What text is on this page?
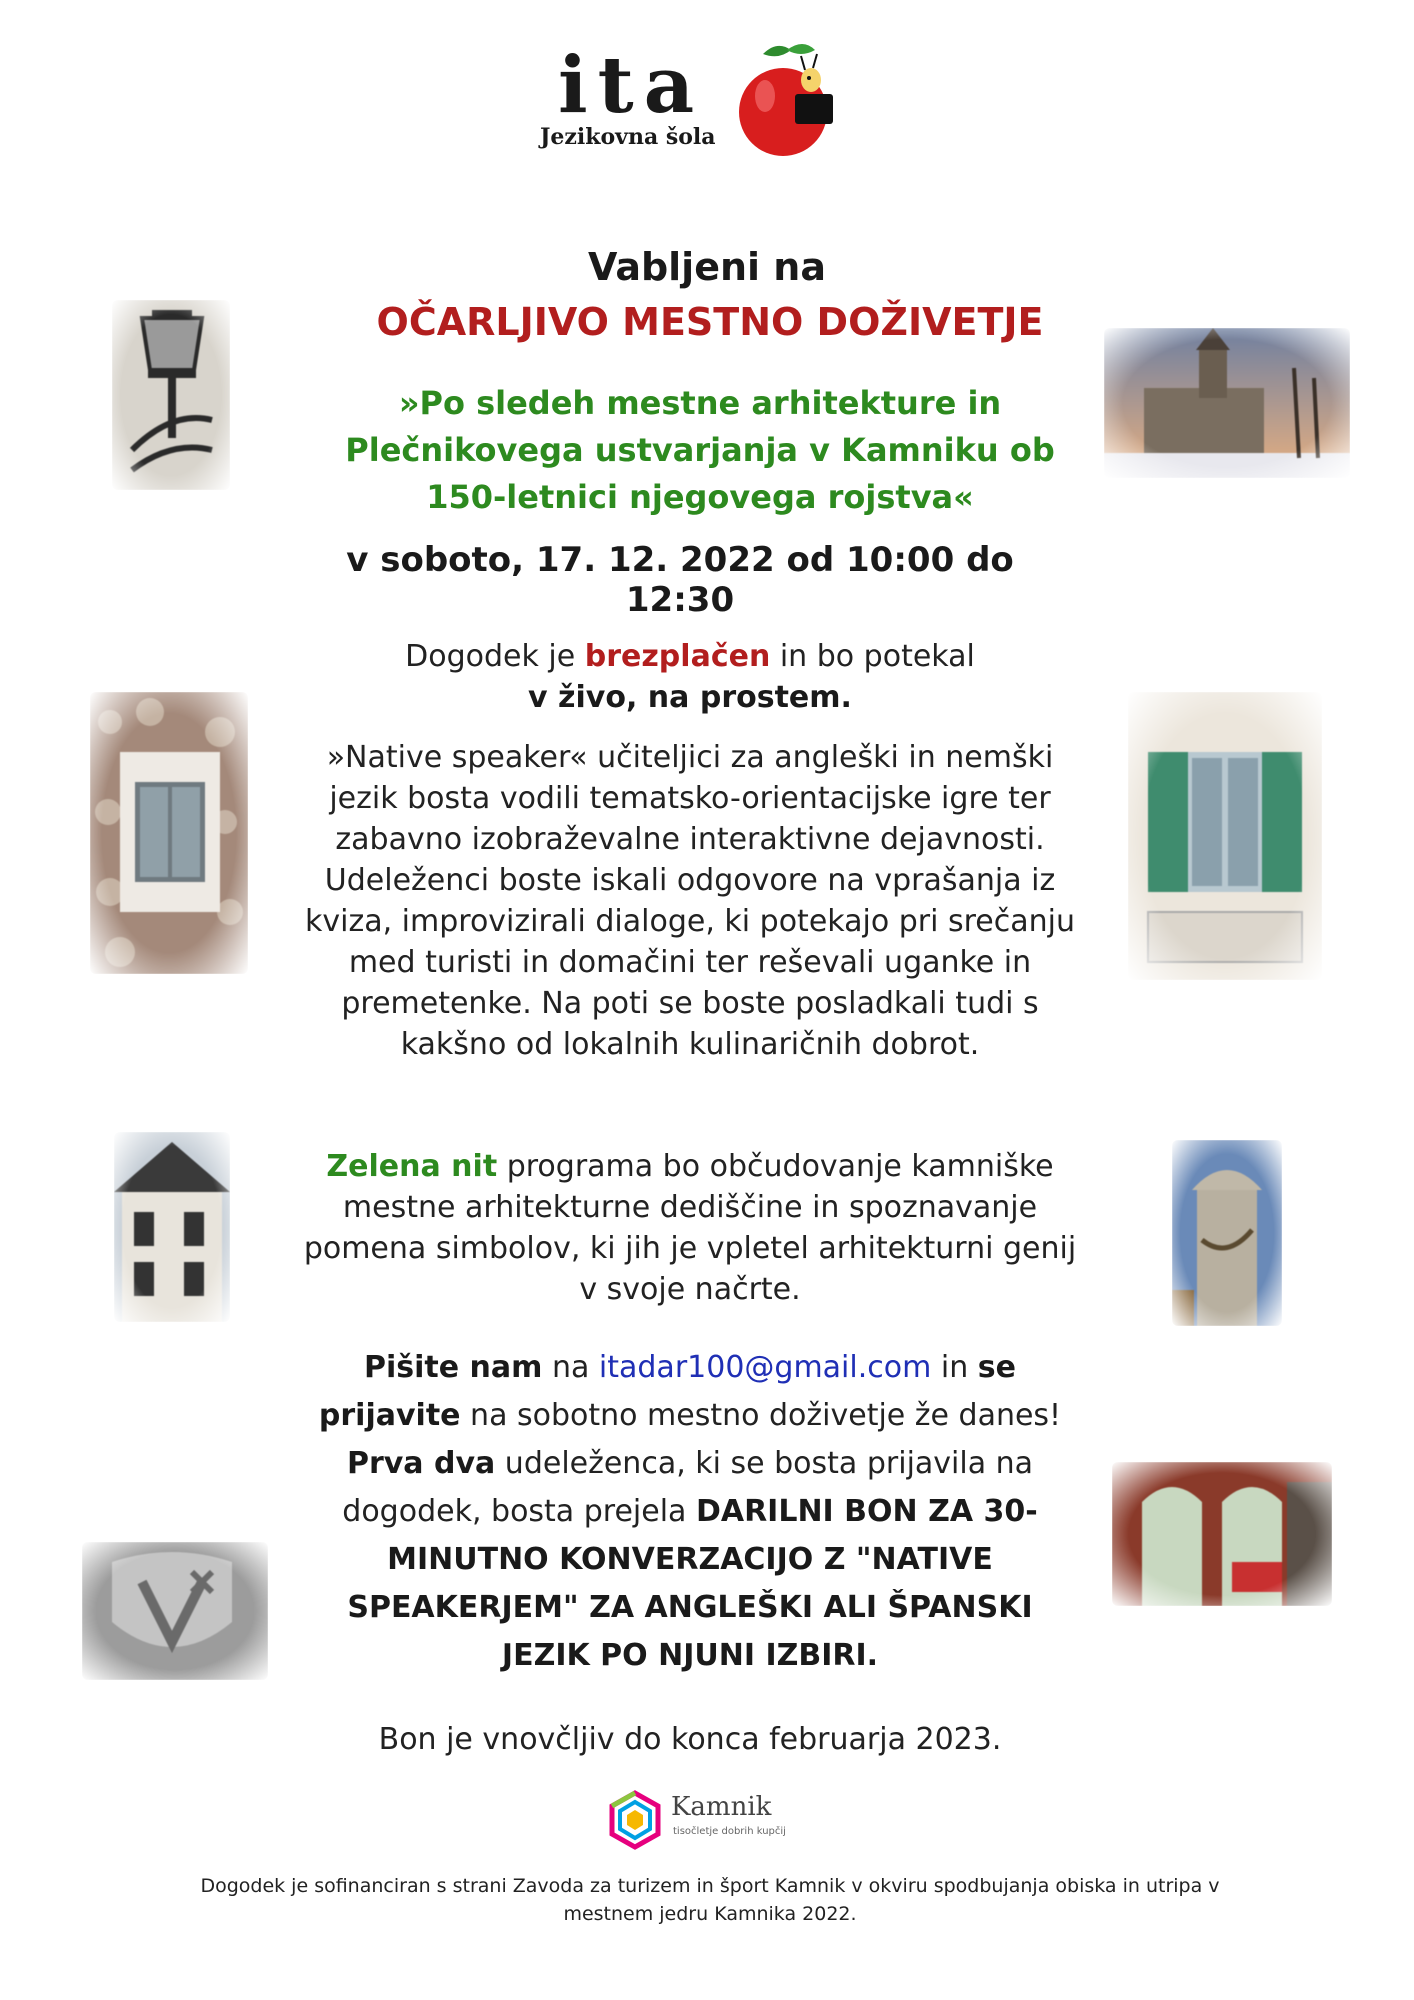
ita
Jezikovna šola
Vabljeni na
OČARLJIVO MESTNO DOŽIVETJE
»Po sledeh mestne arhitekture in Plečnikovega ustvarjanja v Kamniku ob 150-letnici njegovega rojstva«
v soboto, 17. 12. 2022 od 10:00 do 12:30
Dogodek je brezplačen in bo potekal
v živo, na prostem.
»Native speaker« učiteljici za angleški in nemški jezik bosta vodili tematsko-orientacijske igre ter zabavno izobraževalne interaktivne dejavnosti. Udeleženci boste iskali odgovore na vprašanja iz kviza, improvizirali dialoge, ki potekajo pri srečanju med turisti in domačini ter reševali uganke in premetenke. Na poti se boste posladkali tudi s kakšno od lokalnih kulinaričnih dobrot.
Zelena nit programa bo občudovanje kamniške mestne arhitekturne dediščine in spoznavanje pomena simbolov, ki jih je vpletel arhitekturni genij v svoje načrte.
Pišite nam na itadar100@gmail.com in se prijavite na sobotno mestno doživetje že danes! Prva dva udeleženca, ki se bosta prijavila na dogodek, bosta prejela DARILNI BON ZA 30-MINUTNO KONVERZACIJO Z "NATIVE SPEAKERJEM" ZA ANGLEŠKI ALI ŠPANSKI JEZIK PO NJUNI IZBIRI.
Bon je vnovčljiv do konca februarja 2023.
Kamnik
tisočletje dobrih kupčij
Dogodek je sofinanciran s strani Zavoda za turizem in šport Kamnik v okviru spodbujanja obiska in utripa v mestnem jedru Kamnika 2022.
